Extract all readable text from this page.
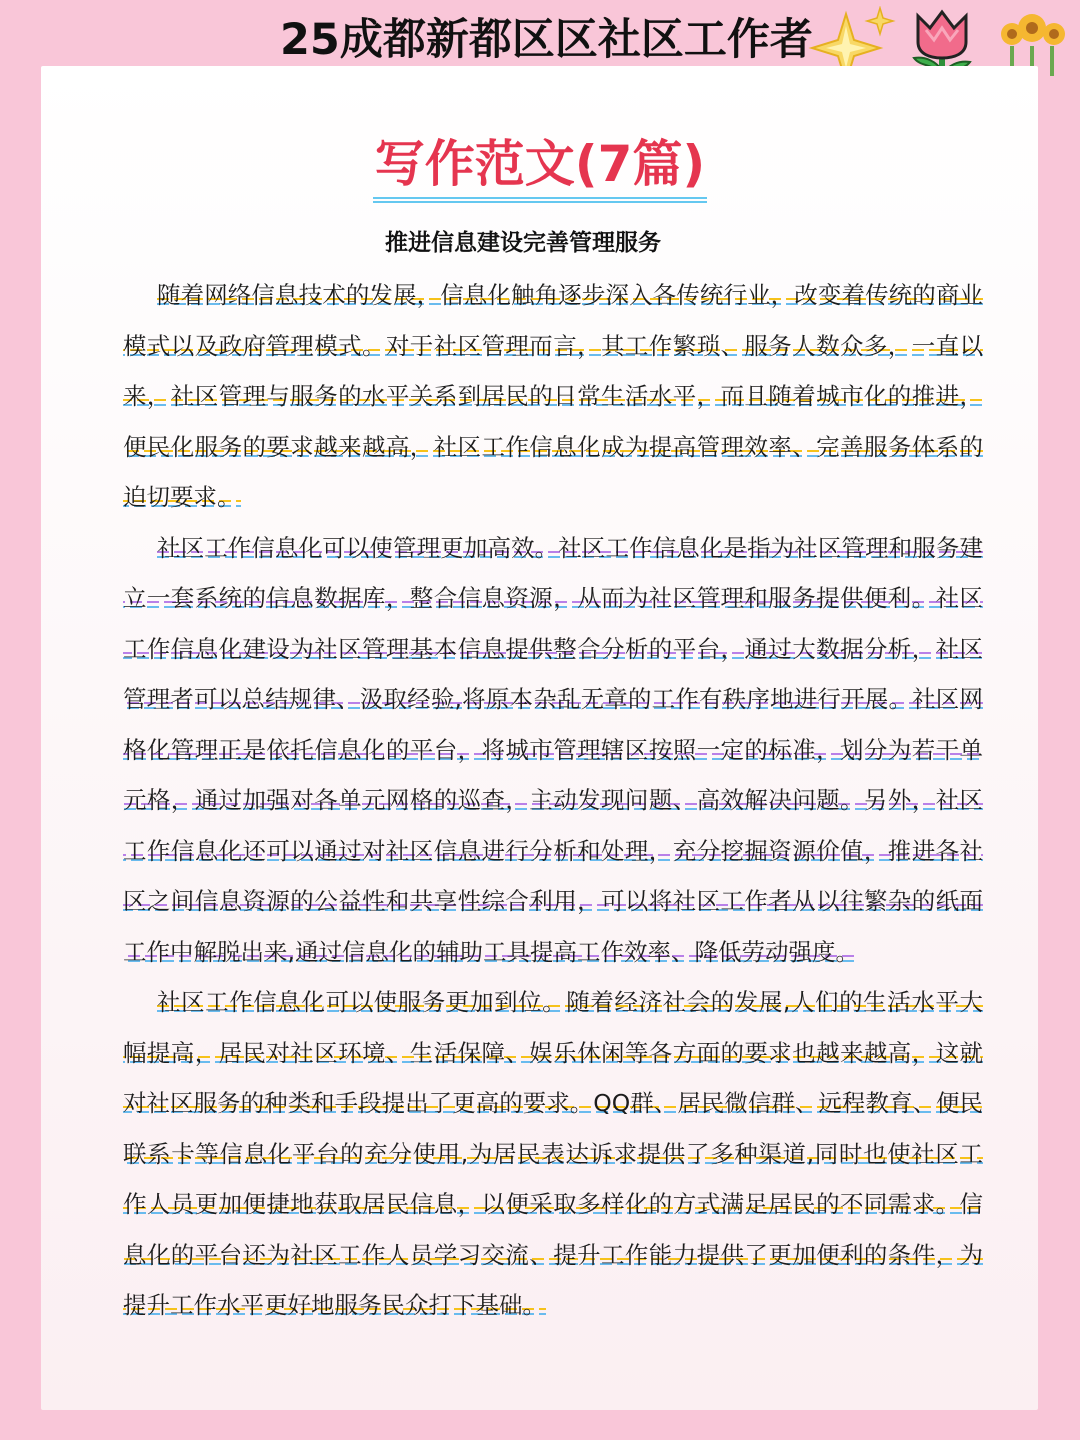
25成都新都区区社区工作者
写作范文(7篇)
推进信息建设完善管理服务

随着网络信息技术的发展，信息化触角逐步深入各传统行业，改变着传统的商业模式以及政府管理模式。对于社区管理而言，其工作繁琐、服务人数众多，一直以来，社区管理与服务的水平关系到居民的日常生活水平，而且随着城市化的推进，便民化服务的要求越来越高，社区工作信息化成为提高管理效率、完善服务体系的迫切要求。

社区工作信息化可以使管理更加高效。社区工作信息化是指为社区管理和服务建立一套系统的信息数据库，整合信息资源，从而为社区管理和服务提供便利。社区工作信息化建设为社区管理基本信息提供整合分析的平台，通过大数据分析，社区管理者可以总结规律、汲取经验,将原本杂乱无章的工作有秩序地进行开展。社区网格化管理正是依托信息化的平台，将城市管理辖区按照一定的标准，划分为若干单元格，通过加强对各单元网格的巡查，主动发现问题、高效解决问题。另外，社区工作信息化还可以通过对社区信息进行分析和处理，充分挖掘资源价值，推进各社区之间信息资源的公益性和共享性综合利用，可以将社区工作者从以往繁杂的纸面工作中解脱出来,通过信息化的辅助工具提高工作效率、降低劳动强度。

社区工作信息化可以使服务更加到位。随着经济社会的发展,人们的生活水平大幅提高，居民对社区环境、生活保障、娱乐休闲等各方面的要求也越来越高，这就对社区服务的种类和手段提出了更高的要求。QQ群、居民微信群、远程教育、便民联系卡等信息化平台的充分使用,为居民表达诉求提供了多种渠道,同时也使社区工作人员更加便捷地获取居民信息，以便采取多样化的方式满足居民的不同需求。信息化的平台还为社区工作人员学习交流、提升工作能力提供了更加便利的条件，为提升工作水平更好地服务民众打下基础。
